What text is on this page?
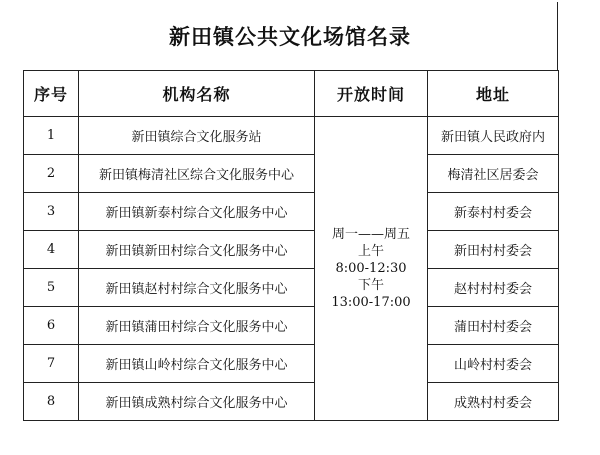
新田镇公共文化场馆名录
序号	机构名称	开放时间	地址
1	新田镇综合文化服务站	周一——周五
上午
8:00-12:30
下午
13:00-17:00	新田镇人民政府内
2	新田镇梅清社区综合文化服务中心		梅清社区居委会
3	新田镇新泰村综合文化服务中心		新泰村村委会
4	新田镇新田村综合文化服务中心		新田村村委会
5	新田镇赵村村综合文化服务中心		赵村村村委会
6	新田镇蒲田村综合文化服务中心		蒲田村村委会
7	新田镇山岭村综合文化服务中心		山岭村村委会
8	新田镇成熟村综合文化服务中心		成熟村村委会
